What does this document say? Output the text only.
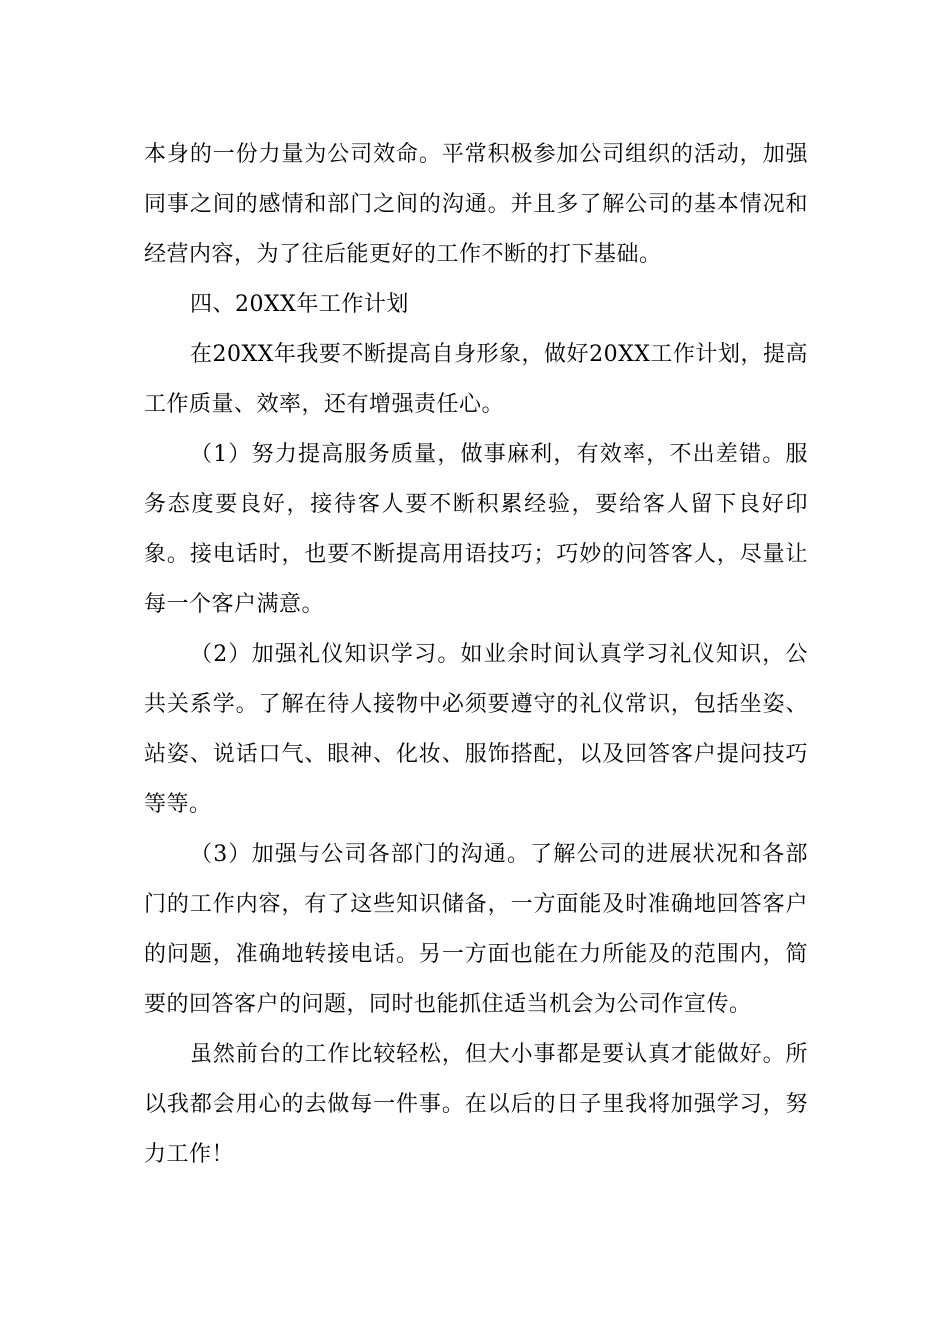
本身的一份力量为公司效命。平常积极参加公司组织的活动，加强同事之间的感情和部门之间的沟通。并且多了解公司的基本情况和经营内容，为了往后能更好的工作不断的打下基础。

四、20XX年工作计划

在20XX年我要不断提高自身形象，做好20XX工作计划，提高工作质量、效率，还有增强责任心。

（1）努力提高服务质量，做事麻利，有效率，不出差错。服务态度要良好，接待客人要不断积累经验，要给客人留下良好印象。接电话时，也要不断提高用语技巧；巧妙的问答客人，尽量让每一个客户满意。

（2）加强礼仪知识学习。如业余时间认真学习礼仪知识，公共关系学。了解在待人接物中必须要遵守的礼仪常识，包括坐姿、站姿、说话口气、眼神、化妆、服饰搭配，以及回答客户提问技巧等等。

（3）加强与公司各部门的沟通。了解公司的进展状况和各部门的工作内容，有了这些知识储备，一方面能及时准确地回答客户的问题，准确地转接电话。另一方面也能在力所能及的范围内，简要的回答客户的问题，同时也能抓住适当机会为公司作宣传。

虽然前台的工作比较轻松，但大小事都是要认真才能做好。所以我都会用心的去做每一件事。在以后的日子里我将加强学习，努力工作！
